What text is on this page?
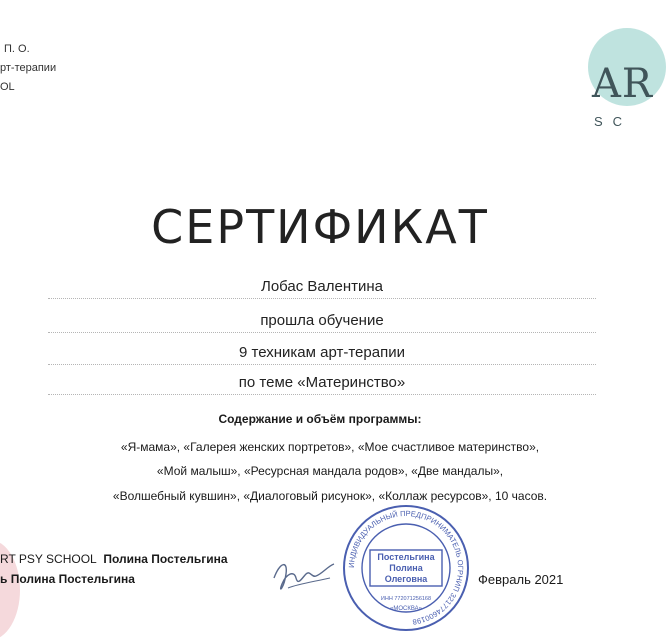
П. О.
рт-терапии
OL	AR
SC
СЕРТИФИКАТ
Лобас Валентина
прошла обучение
9 техникам арт-терапии
по теме «Материнство»
Содержание и объём программы:
«Я-мама», «Галерея женских портретов», «Мое счастливое материнство»,
«Мой малыш», «Ресурсная мандала родов», «Две мандалы»,
«Волшебный кувшин», «Диалоговый рисунок», «Коллаж ресурсов», 10 часов.
RT PSY SCHOOL Полина Постельгина
ь Полина Постельгина
ИНДИВИДУАЛЬНЫЙ ПРЕДПРИНИМАТЕЛЬ ОГРНИП 321774600198
Постельгина
Полина
Олеговна
ИНН 772071256168
«МОСКВА»
Февраль 2021
